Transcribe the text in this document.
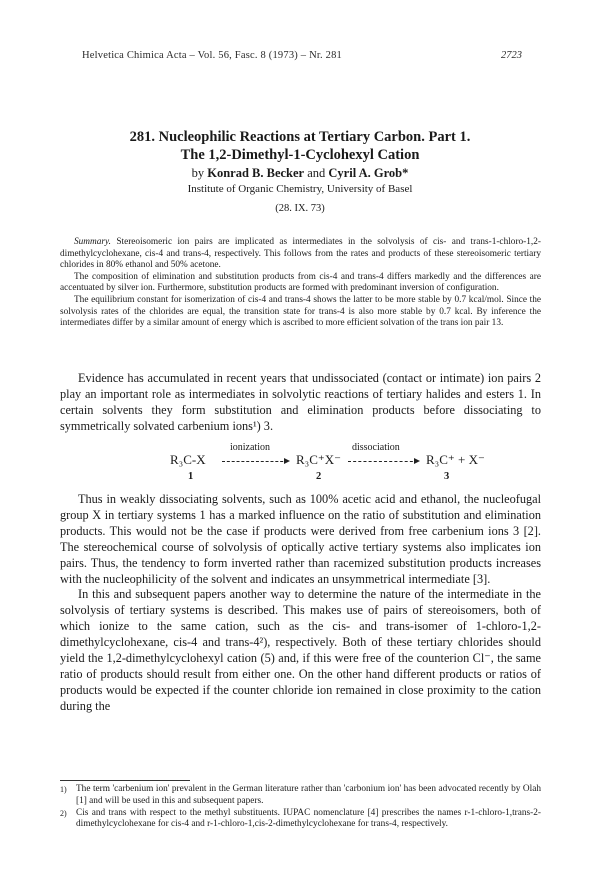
Helvetica Chimica Acta – Vol. 56, Fasc. 8 (1973) – Nr. 281	2723
281. Nucleophilic Reactions at Tertiary Carbon. Part 1.
The 1,2-Dimethyl-1-Cyclohexyl Cation
by Konrad B. Becker and Cyril A. Grob*
Institute of Organic Chemistry, University of Basel
(28. IX. 73)

Summary. Stereoisomeric ion pairs are implicated as intermediates in the solvolysis of cis- and trans-1-chloro-1,2-dimethylcyclohexane, cis-4 and trans-4, respectively. This follows from the rates and products of these stereoisomeric tertiary chlorides in 80% ethanol and 50% acetone.

The composition of elimination and substitution products from cis-4 and trans-4 differs markedly and the differences are accentuated by silver ion. Furthermore, substitution products are formed with predominant inversion of configuration.

The equilibrium constant for isomerization of cis-4 and trans-4 shows the latter to be more stable by 0.7 kcal/mol. Since the solvolysis rates of the chlorides are equal, the transition state for trans-4 is also more stable by 0.7 kcal. By inference the intermediates differ by a similar amount of energy which is ascribed to more efficient solvation of the trans ion pair 13.

Evidence has accumulated in recent years that undissociated (contact or intimate) ion pairs 2 play an important role as intermediates in solvolytic reactions of tertiary halides and esters 1. In certain solvents they form substitution and elimination products before dissociating to symmetrically solvated carbenium ions¹) 3.

R₃C-X
ionization
R₃C⁺X⁻
dissociation
R₃C⁺ + X⁻
1	2	3

Thus in weakly dissociating solvents, such as 100% acetic acid and ethanol, the nucleofugal group X in tertiary systems 1 has a marked influence on the ratio of substitution and elimination products. This would not be the case if products were derived from free carbenium ions 3 [2]. The stereochemical course of solvolysis of optically active tertiary systems also implicates ion pairs. Thus, the tendency to form inverted rather than racemized substitution products increases with the nucleophilicity of the solvent and indicates an unsymmetrical intermediate [3].

In this and subsequent papers another way to determine the nature of the intermediate in the solvolysis of tertiary systems is described. This makes use of pairs of stereoisomers, both of which ionize to the same cation, such as the cis- and trans-isomer of 1-chloro-1,2-dimethylcyclohexane, cis-4 and trans-4²), respectively. Both of these tertiary chlorides should yield the 1,2-dimethylcyclohexyl cation (5) and, if this were free of the counterion Cl⁻, the same ratio of products should result from either one. On the other hand different products or ratios of products would be expected if the counter chloride ion remained in close proximity to the cation during the

1)	The term 'carbenium ion' prevalent in the German literature rather than 'carbonium ion' has been advocated recently by Olah [1] and will be used in this and subsequent papers.
2)	Cis and trans with respect to the methyl substituents. IUPAC nomenclature [4] prescribes the names r-1-chloro-1,trans-2-dimethylcyclohexane for cis-4 and r-1-chloro-1,cis-2-dimethylcyclohexane for trans-4, respectively.
